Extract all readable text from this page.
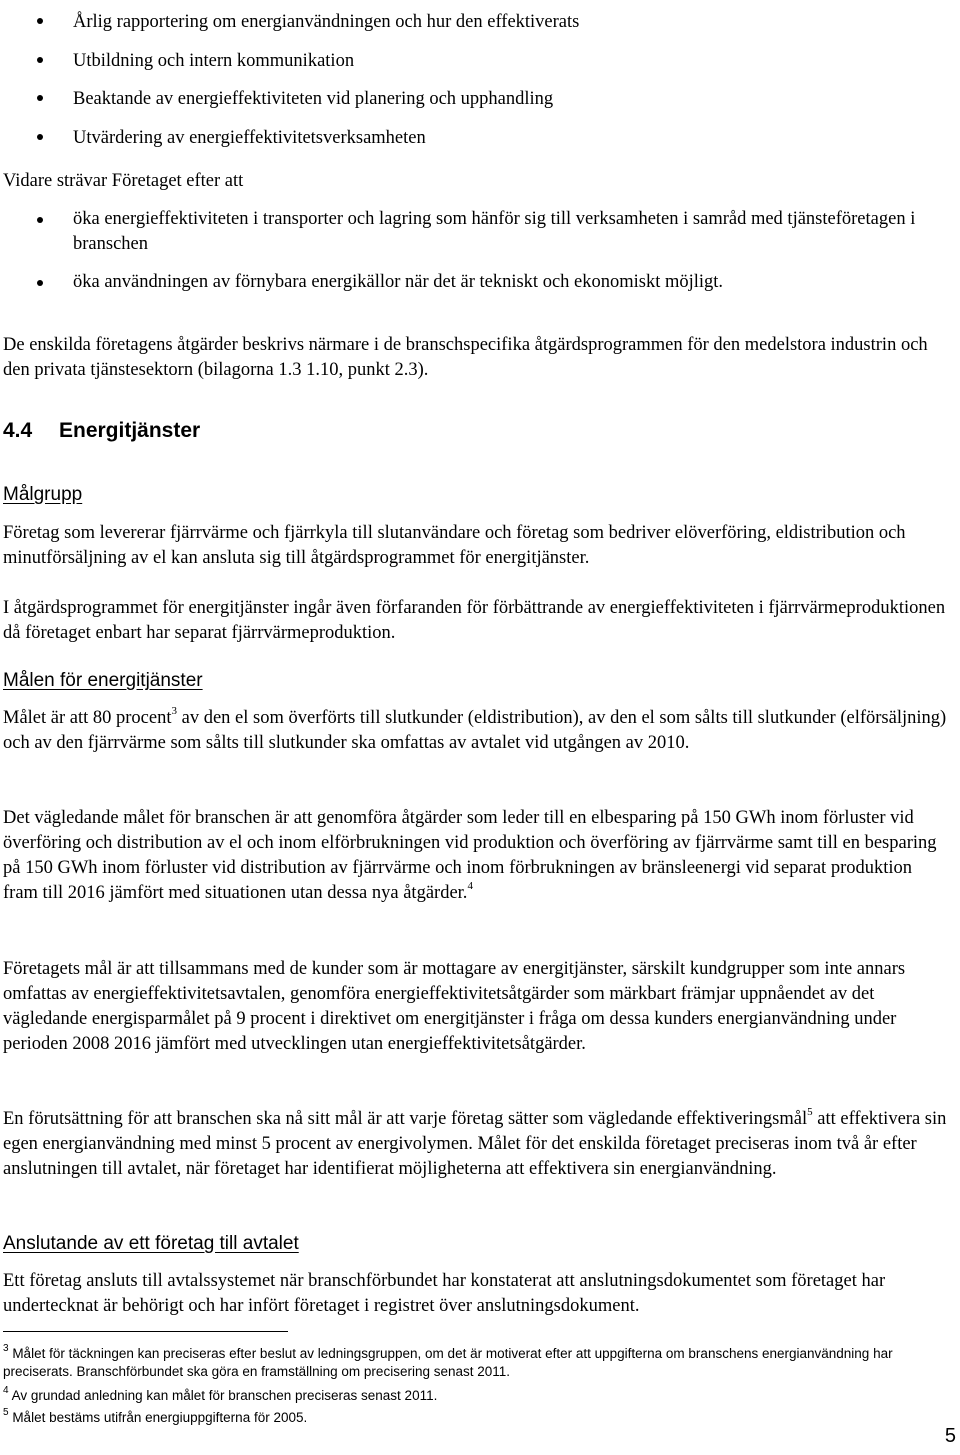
Årlig rapportering om energianvändningen och hur den effektiverats
Utbildning och intern kommunikation
Beaktande av energieffektiviteten vid planering och upphandling
Utvärdering av energieffektivitetsverksamheten
Vidare strävar Företaget efter att
öka energieffektiviteten i transporter och lagring som hänför sig till verksamheten i samråd med tjänsteföretagen i branschen
öka användningen av förnybara energikällor när det är tekniskt och ekonomiskt möjligt.
De enskilda företagens åtgärder beskrivs närmare i de branschspecifika åtgärdsprogrammen för den medelstora industrin och den privata tjänstesektorn (bilagorna 1.3 1.10, punkt 2.3).
4.4 Energitjänster
Målgrupp
Företag som levererar fjärrvärme och fjärrkyla till slutanvändare och företag som bedriver elöverföring, eldistribution och minutförsäljning av el kan ansluta sig till åtgärdsprogrammet för energitjänster.
I åtgärdsprogrammet för energitjänster ingår även förfaranden för förbättrande av energieffektiviteten i fjärrvärmeproduktionen då företaget enbart har separat fjärrvärmeproduktion.
Målen för energitjänster
Målet är att 80 procent$^3$ av den el som överförts till slutkunder (eldistribution), av den el som sålts till slutkunder (elförsäljning) och av den fjärrvärme som sålts till slutkunder ska omfattas av avtalet vid utgången av 2010.
Det vägledande målet för branschen är att genomföra åtgärder som leder till en elbesparing på 150 GWh inom förluster vid överföring och distribution av el och inom elförbrukningen vid produktion och överföring av fjärrvärme samt till en besparing på 150 GWh inom förluster vid distribution av fjärrvärme och inom förbrukningen av bränsleenergi vid separat produktion fram till 2016 jämfört med situationen utan dessa nya åtgärder.$^4$
Företagets mål är att tillsammans med de kunder som är mottagare av energitjänster, särskilt kundgrupper som inte annars omfattas av energieffektivitetsavtalen, genomföra energieffektivitetsåtgärder som märkbart främjar uppnåendet av det vägledande energisparmålet på 9 procent i direktivet om energitjänster i fråga om dessa kunders energianvändning under perioden 2008 2016 jämfört med utvecklingen utan energieffektivitetsåtgärder.
En förutsättning för att branschen ska nå sitt mål är att varje företag sätter som vägledande effektiveringsmål$^5$ att effektivera sin egen energianvändning med minst 5 procent av energivolymen. Målet för det enskilda företaget preciseras inom två år efter anslutningen till avtalet, när företaget har identifierat möjligheterna att effektivera sin energianvändning.
Anslutande av ett företag till avtalet
Ett företag ansluts till avtalssystemet när branschförbundet har konstaterat att anslutningsdokumentet som företaget har undertecknat är behörigt och har infört företaget i registret över anslutningsdokument.
$^3$ Målet för täckningen kan preciseras efter beslut av ledningsgruppen, om det är motiverat efter att uppgifterna om branschens energianvändning har preciserats. Branschförbundet ska göra en framställning om precisering senast 2011.
$^4$ Av grundad anledning kan målet för branschen preciseras senast 2011.
$^5$ Målet bestäms utifrån energiuppgifterna för 2005.
5
